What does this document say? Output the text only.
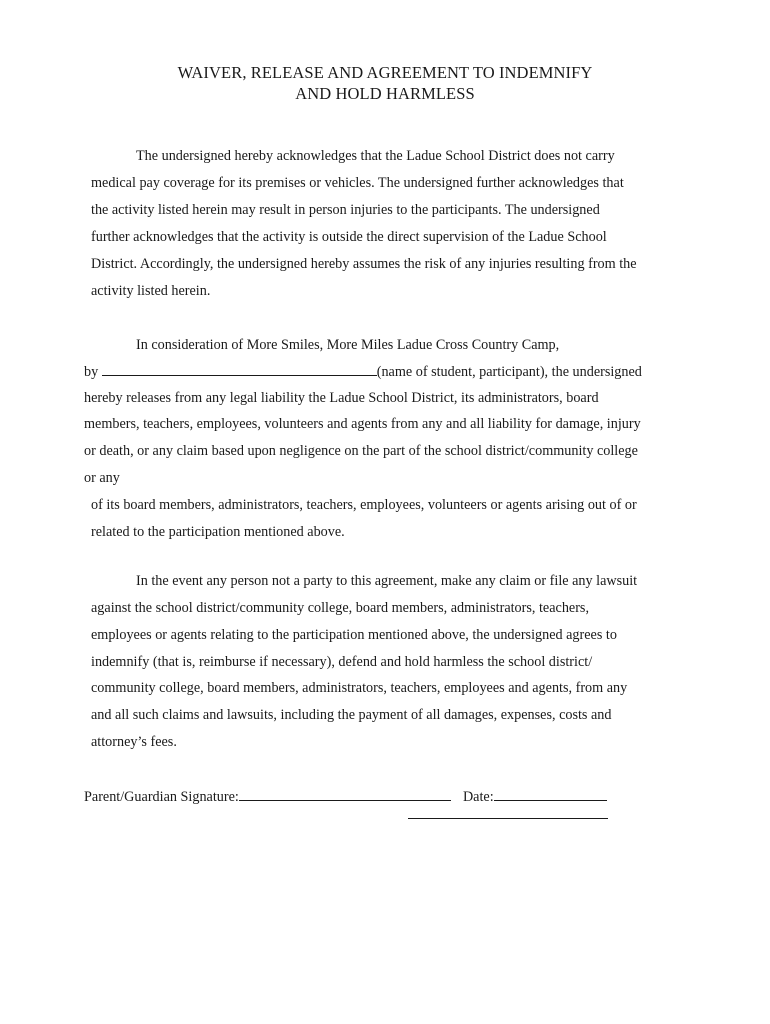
WAIVER, RELEASE AND AGREEMENT TO INDEMNIFY
AND HOLD HARMLESS

The undersigned hereby acknowledges that the Ladue School District does not carry

medical pay coverage for its premises or vehicles. The undersigned further acknowledges that

the activity listed herein may result in person injuries to the participants. The undersigned

further acknowledges that the activity is outside the direct supervision of the Ladue School

District. Accordingly, the undersigned hereby assumes the risk of any injuries resulting from the

activity listed herein.

In consideration of More Smiles, More Miles Ladue Cross Country Camp,

by	(name of student, participant), the undersigned

hereby releases from any legal liability the Ladue School District, its administrators, board

members, teachers, employees, volunteers and agents from any and all liability for damage, injury

or death, or any claim based upon negligence on the part of the school district/community college

or any

of its board members, administrators, teachers, employees, volunteers or agents arising out of or

related to the participation mentioned above.

In the event any person not a party to this agreement, make any claim or file any lawsuit

against the school district/community college, board members, administrators, teachers,

employees or agents relating to the participation mentioned above, the undersigned agrees to

indemnify (that is, reimburse if necessary), defend and hold harmless the school district/

community college, board members, administrators, teachers, employees and agents, from any

and all such claims and lawsuits, including the payment of all damages, expenses, costs and

attorney’s fees.

Parent/Guardian Signature:	Date:
